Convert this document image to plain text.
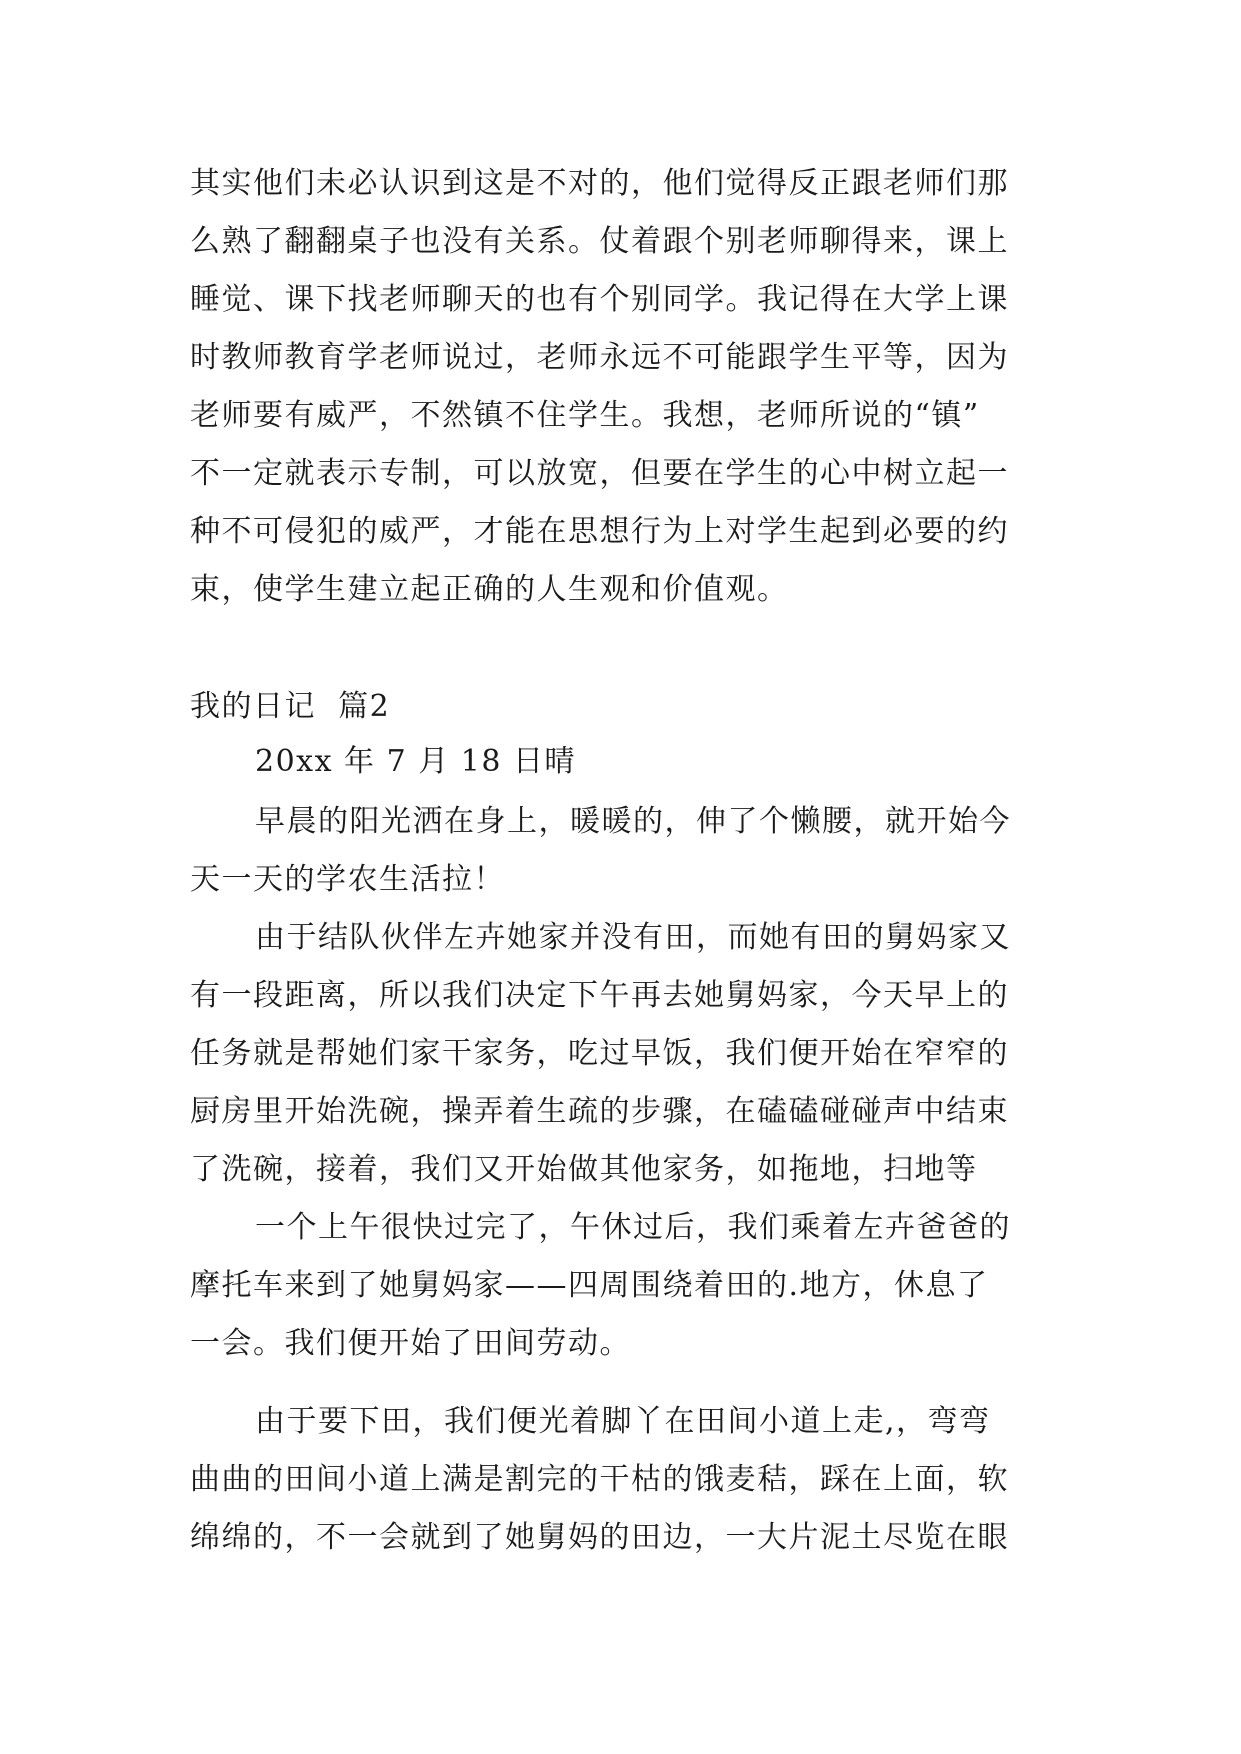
其实他们未必认识到这是不对的，他们觉得反正跟老师们那
么熟了翻翻桌子也没有关系。仗着跟个别老师聊得来，课上
睡觉、课下找老师聊天的也有个别同学。我记得在大学上课
时教师教育学老师说过，老师永远不可能跟学生平等，因为
老师要有威严，不然镇不住学生。我想，老师所说的“镇”
不一定就表示专制，可以放宽，但要在学生的心中树立起一
种不可侵犯的威严，才能在思想行为上对学生起到必要的约
束，使学生建立起正确的人生观和价值观。
我的日记  篇2
20xx 年 7 月 18 日晴
早晨的阳光洒在身上，暖暖的，伸了个懒腰，就开始今
天一天的学农生活拉！
由于结队伙伴左卉她家并没有田，而她有田的舅妈家又
有一段距离，所以我们决定下午再去她舅妈家，今天早上的
任务就是帮她们家干家务，吃过早饭，我们便开始在窄窄的
厨房里开始洗碗，操弄着生疏的步骤，在磕磕碰碰声中结束
了洗碗，接着，我们又开始做其他家务，如拖地，扫地等
一个上午很快过完了，午休过后，我们乘着左卉爸爸的
摩托车来到了她舅妈家——四周围绕着田的.地方，休息了
一会。我们便开始了田间劳动。
由于要下田，我们便光着脚丫在田间小道上走,，弯弯
曲曲的田间小道上满是割完的干枯的饿麦秸，踩在上面，软
绵绵的，不一会就到了她舅妈的田边，一大片泥土尽览在眼
